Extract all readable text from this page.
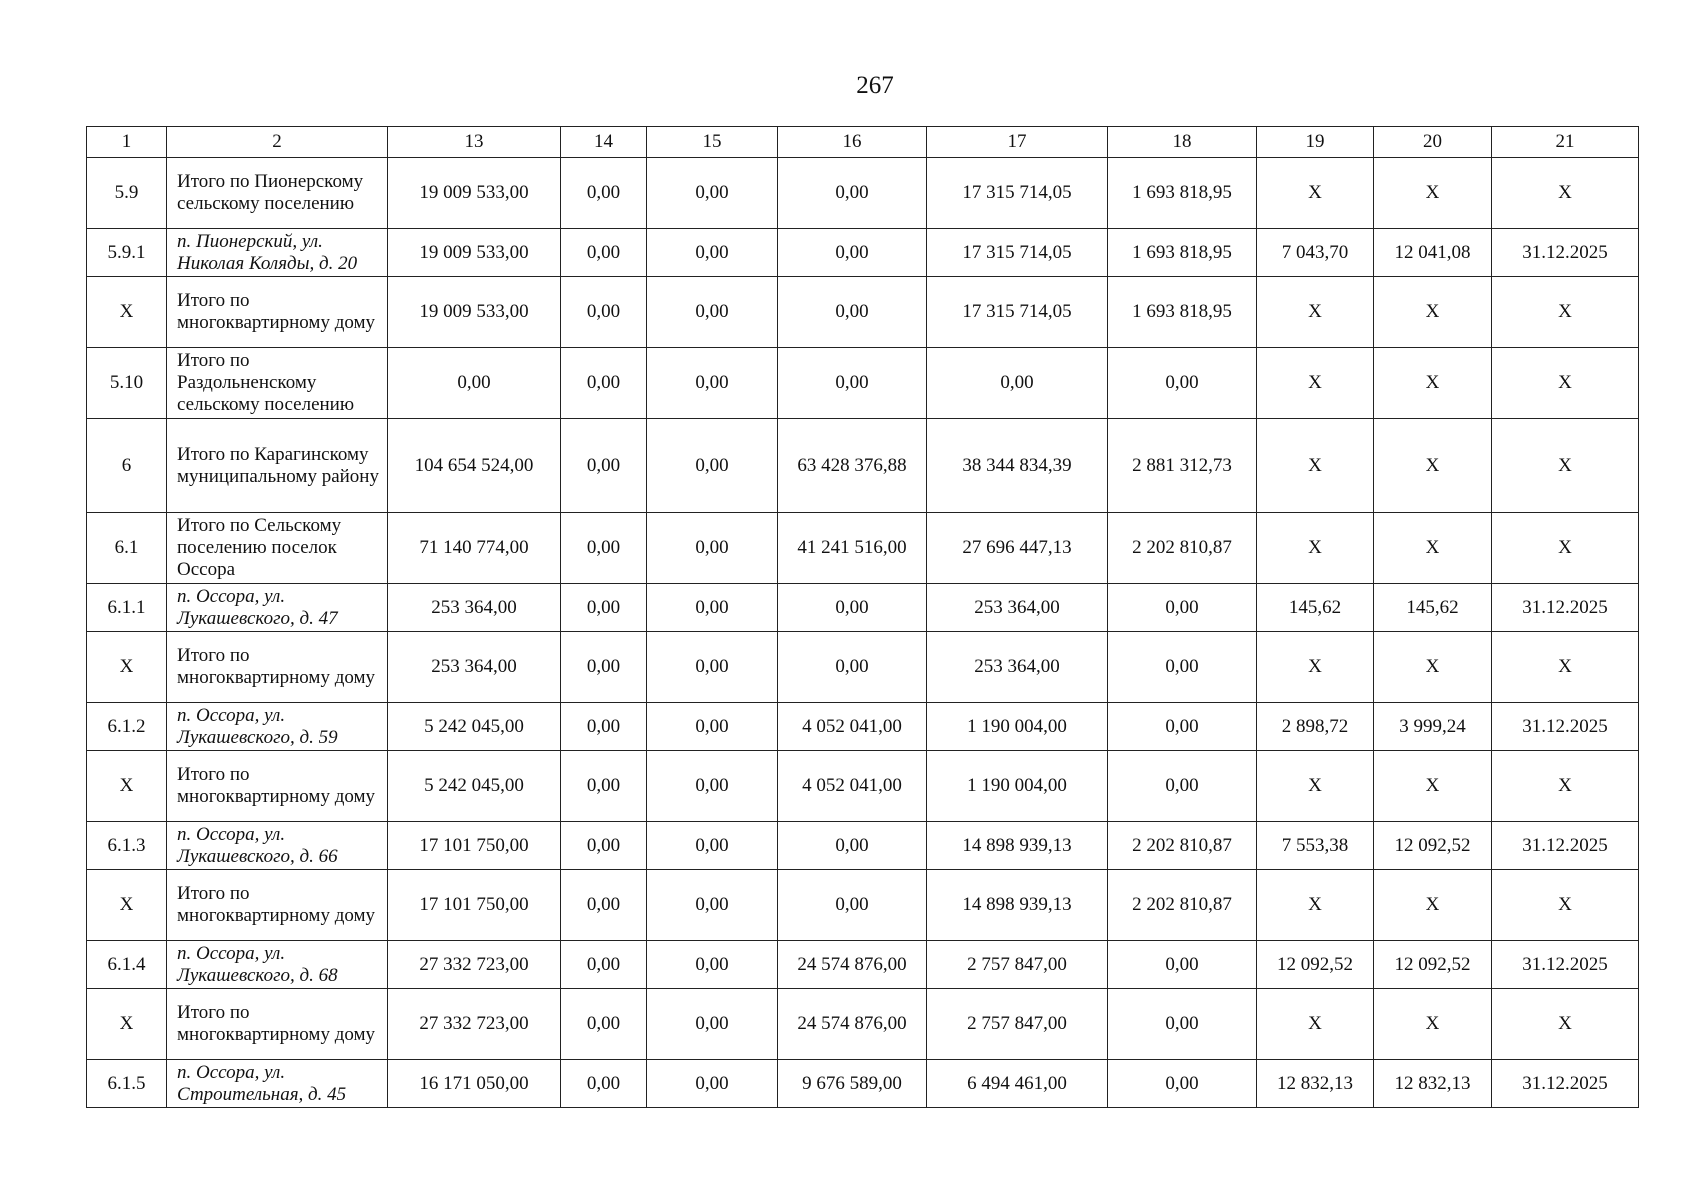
267
1	2	13	14	15	16	17	18	19	20	21
5.9	Итого по Пионерскому сельскому поселению	19 009 533,00	0,00	0,00	0,00	17 315 714,05	1 693 818,95	X	X	X
5.9.1	п. Пионерский, ул. Николая Коляды, д. 20	19 009 533,00	0,00	0,00	0,00	17 315 714,05	1 693 818,95	7 043,70	12 041,08	31.12.2025
X	Итого по многоквартирному дому	19 009 533,00	0,00	0,00	0,00	17 315 714,05	1 693 818,95	X	X	X
5.10	Итого по Раздольненскому сельскому поселению	0,00	0,00	0,00	0,00	0,00	0,00	X	X	X
6	Итого по Карагинскому муниципальному району	104 654 524,00	0,00	0,00	63 428 376,88	38 344 834,39	2 881 312,73	X	X	X
6.1	Итого по Сельскому поселению поселок Оссора	71 140 774,00	0,00	0,00	41 241 516,00	27 696 447,13	2 202 810,87	X	X	X
6.1.1	п. Оссора, ул. Лукашевского, д. 47	253 364,00	0,00	0,00	0,00	253 364,00	0,00	145,62	145,62	31.12.2025
X	Итого по многоквартирному дому	253 364,00	0,00	0,00	0,00	253 364,00	0,00	X	X	X
6.1.2	п. Оссора, ул. Лукашевского, д. 59	5 242 045,00	0,00	0,00	4 052 041,00	1 190 004,00	0,00	2 898,72	3 999,24	31.12.2025
X	Итого по многоквартирному дому	5 242 045,00	0,00	0,00	4 052 041,00	1 190 004,00	0,00	X	X	X
6.1.3	п. Оссора, ул. Лукашевского, д. 66	17 101 750,00	0,00	0,00	0,00	14 898 939,13	2 202 810,87	7 553,38	12 092,52	31.12.2025
X	Итого по многоквартирному дому	17 101 750,00	0,00	0,00	0,00	14 898 939,13	2 202 810,87	X	X	X
6.1.4	п. Оссора, ул. Лукашевского, д. 68	27 332 723,00	0,00	0,00	24 574 876,00	2 757 847,00	0,00	12 092,52	12 092,52	31.12.2025
X	Итого по многоквартирному дому	27 332 723,00	0,00	0,00	24 574 876,00	2 757 847,00	0,00	X	X	X
6.1.5	п. Оссора, ул. Строительная, д. 45	16 171 050,00	0,00	0,00	9 676 589,00	6 494 461,00	0,00	12 832,13	12 832,13	31.12.2025
